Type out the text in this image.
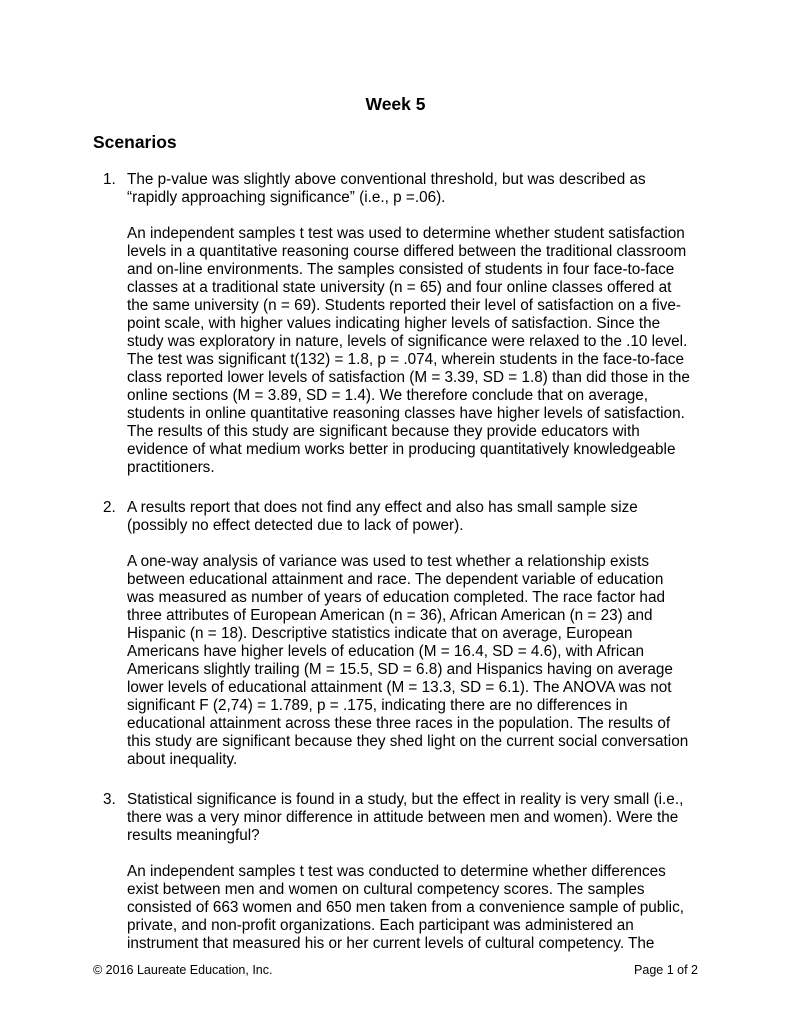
Week 5
Scenarios
1. The p-value was slightly above conventional threshold, but was described as
“rapidly approaching significance” (i.e., p =.06).

An independent samples t test was used to determine whether student satisfaction
levels in a quantitative reasoning course differed between the traditional classroom
and on-line environments. The samples consisted of students in four face-to-face
classes at a traditional state university (n = 65) and four online classes offered at
the same university (n = 69). Students reported their level of satisfaction on a five-
point scale, with higher values indicating higher levels of satisfaction. Since the
study was exploratory in nature, levels of significance were relaxed to the .10 level.
The test was significant t(132) = 1.8, p = .074, wherein students in the face-to-face
class reported lower levels of satisfaction (M = 3.39, SD = 1.8) than did those in the
online sections (M = 3.89, SD = 1.4). We therefore conclude that on average,
students in online quantitative reasoning classes have higher levels of satisfaction.
The results of this study are significant because they provide educators with
evidence of what medium works better in producing quantitatively knowledgeable
practitioners.

2. A results report that does not find any effect and also has small sample size
(possibly no effect detected due to lack of power).

A one-way analysis of variance was used to test whether a relationship exists
between educational attainment and race. The dependent variable of education
was measured as number of years of education completed. The race factor had
three attributes of European American (n = 36), African American (n = 23) and
Hispanic (n = 18). Descriptive statistics indicate that on average, European
Americans have higher levels of education (M = 16.4, SD = 4.6), with African
Americans slightly trailing (M = 15.5, SD = 6.8) and Hispanics having on average
lower levels of educational attainment (M = 13.3, SD = 6.1). The ANOVA was not
significant F (2,74) = 1.789, p = .175, indicating there are no differences in
educational attainment across these three races in the population. The results of
this study are significant because they shed light on the current social conversation
about inequality.

3. Statistical significance is found in a study, but the effect in reality is very small (i.e.,
there was a very minor difference in attitude between men and women). Were the
results meaningful?

An independent samples t test was conducted to determine whether differences
exist between men and women on cultural competency scores. The samples
consisted of 663 women and 650 men taken from a convenience sample of public,
private, and non-profit organizations. Each participant was administered an
instrument that measured his or her current levels of cultural competency. The

© 2016 Laureate Education, Inc.	Page 1 of 2
